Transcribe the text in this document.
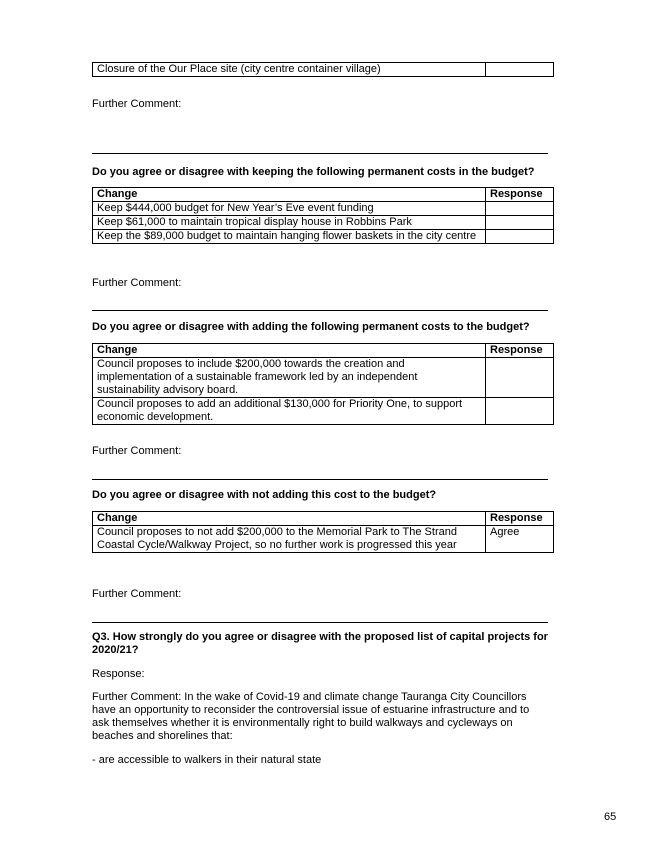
Closure of the Our Place site (city centre container village)	
Further Comment:
Do you agree or disagree with keeping the following permanent costs in the budget?
Change	Response
Keep $444,000 budget for New Year’s Eve event funding	
Keep $61,000 to maintain tropical display house in Robbins Park	
Keep the $89,000 budget to maintain hanging flower baskets in the city centre	
Further Comment:
Do you agree or disagree with adding the following permanent costs to the budget?
Change	Response
Council proposes to include $200,000 towards the creation and implementation of a sustainable framework led by an independent sustainability advisory board.	
Council proposes to add an additional $130,000 for Priority One, to support economic development.	
Further Comment:
Do you agree or disagree with not adding this cost to the budget?
Change	Response
Council proposes to not add $200,000 to the Memorial Park to The Strand Coastal Cycle/Walkway Project, so no further work is progressed this year	Agree
Further Comment:
Q3. How strongly do you agree or disagree with the proposed list of capital projects for 2020/21?
Response:
Further Comment: In the wake of Covid-19 and climate change Tauranga City Councillors have an opportunity to reconsider the controversial issue of estuarine infrastructure and to ask themselves whether it is environmentally right to build walkways and cycleways on beaches and shorelines that:
- are accessible to walkers in their natural state
65
